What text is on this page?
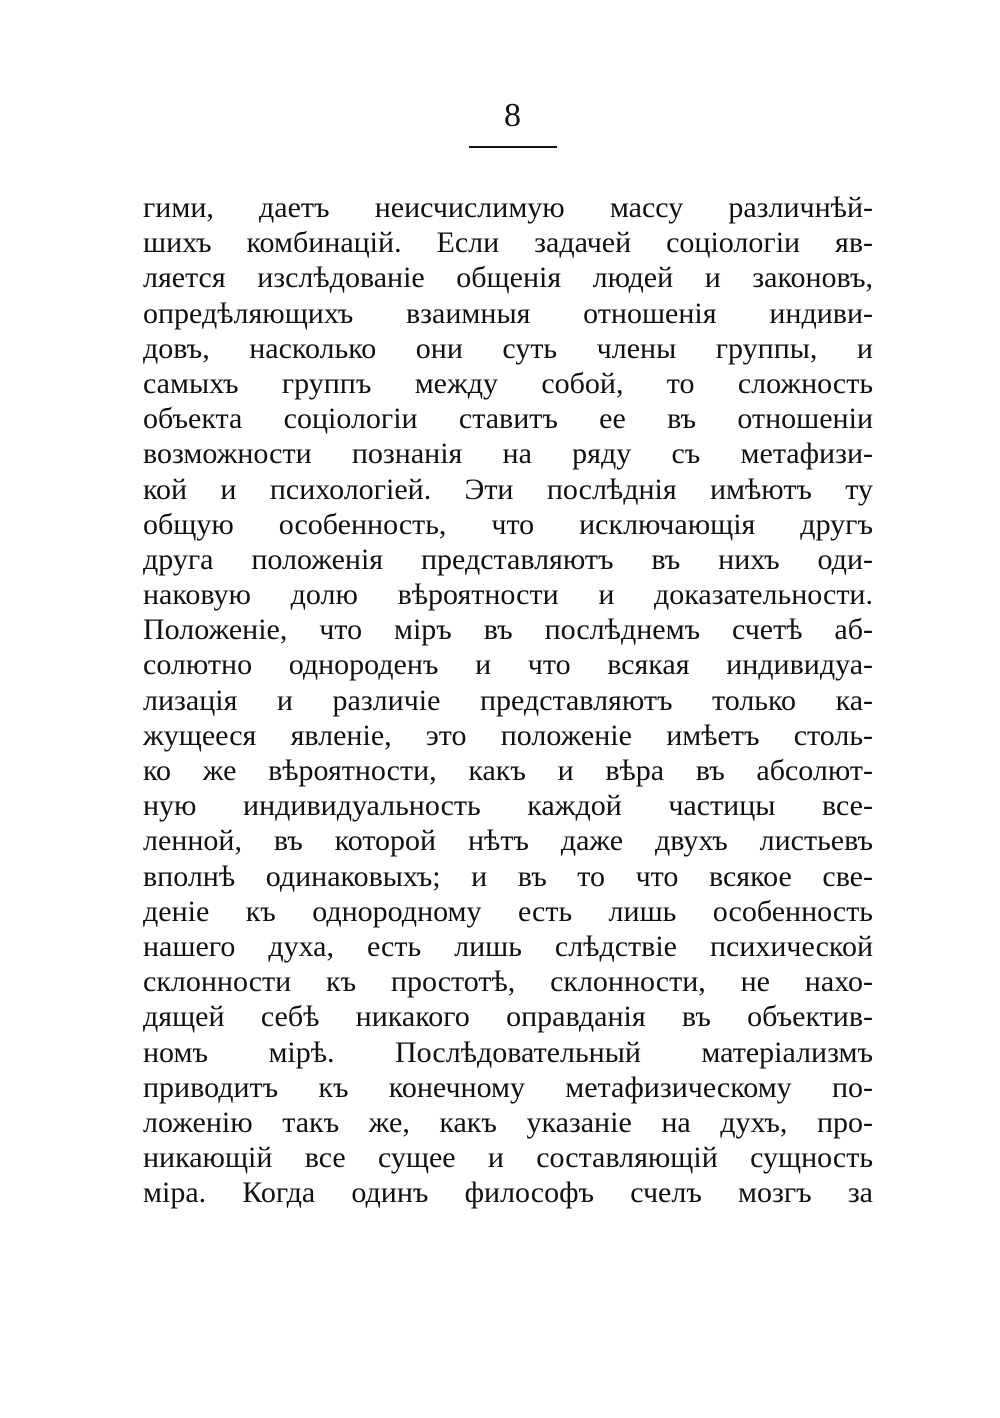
8
гими, даетъ неисчислимую массу различнѣй-
шихъ комбинацій. Если задачей соціологіи яв-
ляется изслѣдованіе общенія людей и законовъ,
опредѣляющихъ взаимныя отношенія индиви-
довъ, насколько они суть члены группы, и
самыхъ группъ между собой, то сложность
объекта соціологіи ставитъ ее въ отношеніи
возможности познанія на ряду съ метафизи-
кой и психологіей. Эти послѣднія имѣютъ ту
общую особенность, что исключающія другъ
друга положенія представляютъ въ нихъ оди-
наковую долю вѣроятности и доказательности.
Положеніе, что міръ въ послѣднемъ счетѣ аб-
солютно однороденъ и что всякая индивидуа-
лизація и различіе представляютъ только ка-
жущееся явленіе, это положеніе имѣетъ столь-
ко же вѣроятности, какъ и вѣра въ абсолют-
ную индивидуальность каждой частицы все-
ленной, въ которой нѣтъ даже двухъ листьевъ
вполнѣ одинаковыхъ; и въ то что всякое све-
деніе къ однородному есть лишь особенность
нашего духа, есть лишь слѣдствіе психической
склонности къ простотѣ, склонности, не нахо-
дящей себѣ никакого оправданія въ объектив-
номъ мірѣ. Послѣдовательный матеріализмъ
приводитъ къ конечному метафизическому по-
ложенію такъ же, какъ указаніе на духъ, про-
никающій все сущее и составляющій сущность
міра. Когда одинъ философъ счелъ мозгъ за
